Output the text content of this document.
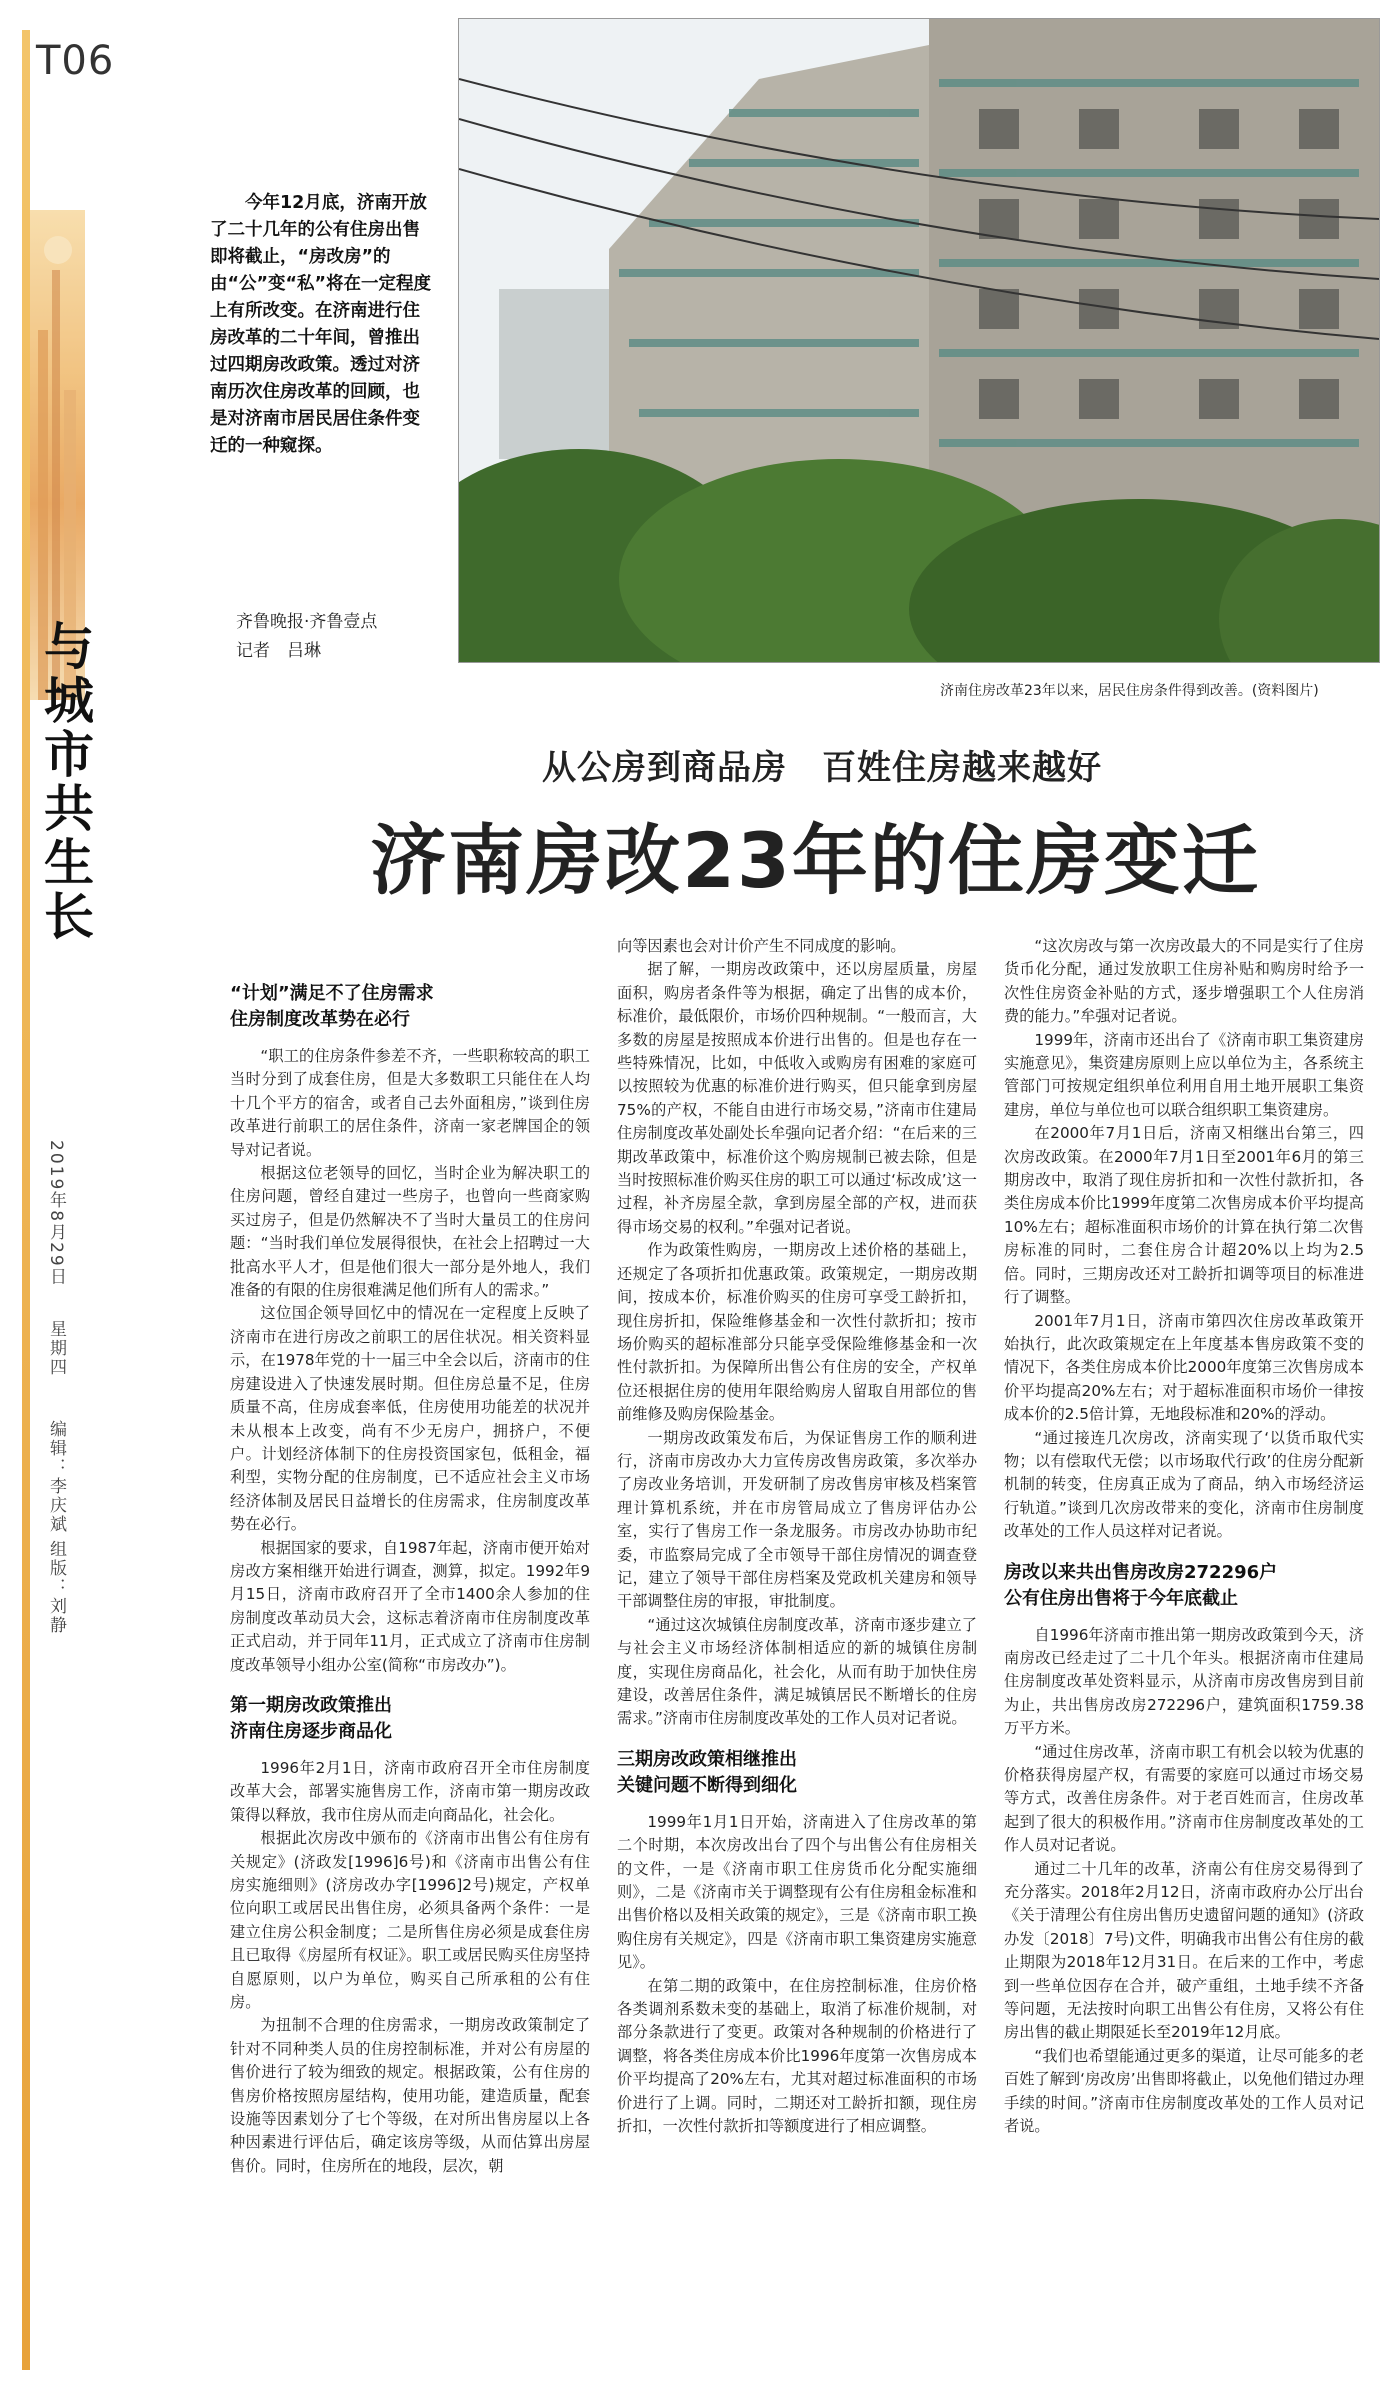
T06
与城市共生长
2019年8月29日
星期四
编辑：李庆斌
组版：刘静
今年12月底，济南开放了二十几年的公有住房出售即将截止，“房改房”的由“公”变“私”将在一定程度上有所改变。在济南进行住房改革的二十年间，曾推出过四期房改政策。透过对济南历次住房改革的回顾，也是对济南市居民居住条件变迁的一种窥探。
齐鲁晚报·齐鲁壹点
记者　吕琳
济南住房改革23年以来，居民住房条件得到改善。(资料图片)
从公房到商品房　百姓住房越来越好
济南房改23年的住房变迁
“计划”满足不了住房需求
住房制度改革势在必行

“职工的住房条件参差不齐，一些职称较高的职工当时分到了成套住房，但是大多数职工只能住在人均十几个平方的宿舍，或者自己去外面租房，”谈到住房改革进行前职工的居住条件，济南一家老牌国企的领导对记者说。

根据这位老领导的回忆，当时企业为解决职工的住房问题，曾经自建过一些房子，也曾向一些商家购买过房子，但是仍然解决不了当时大量员工的住房问题：“当时我们单位发展得很快，在社会上招聘过一大批高水平人才，但是他们很大一部分是外地人，我们准备的有限的住房很难满足他们所有人的需求。”

这位国企领导回忆中的情况在一定程度上反映了济南市在进行房改之前职工的居住状况。相关资料显示，在1978年党的十一届三中全会以后，济南市的住房建设进入了快速发展时期。但住房总量不足，住房质量不高，住房成套率低，住房使用功能差的状况并未从根本上改变，尚有不少无房户，拥挤户，不便户。计划经济体制下的住房投资国家包，低租金，福利型，实物分配的住房制度，已不适应社会主义市场经济体制及居民日益增长的住房需求，住房制度改革势在必行。

根据国家的要求，自1987年起，济南市便开始对房改方案相继开始进行调查，测算，拟定。1992年9月15日，济南市政府召开了全市1400余人参加的住房制度改革动员大会，这标志着济南市住房制度改革正式启动，并于同年11月，正式成立了济南市住房制度改革领导小组办公室(简称“市房改办”)。

第一期房改政策推出
济南住房逐步商品化

1996年2月1日，济南市政府召开全市住房制度改革大会，部署实施售房工作，济南市第一期房改政策得以释放，我市住房从而走向商品化，社会化。

根据此次房改中颁布的《济南市出售公有住房有关规定》(济政发[1996]6号)和《济南市出售公有住房实施细则》(济房改办字[1996]2号)规定，产权单位向职工或居民出售住房，必须具备两个条件：一是建立住房公积金制度；二是所售住房必须是成套住房且已取得《房屋所有权证》。职工或居民购买住房坚持自愿原则，以户为单位，购买自己所承租的公有住房。

为扭制不合理的住房需求，一期房改政策制定了针对不同种类人员的住房控制标准，并对公有房屋的售价进行了较为细致的规定。根据政策，公有住房的售房价格按照房屋结构，使用功能，建造质量，配套设施等因素划分了七个等级，在对所出售房屋以上各种因素进行评估后，确定该房等级，从而估算出房屋售价。同时，住房所在的地段，层次，朝

向等因素也会对计价产生不同成度的影响。

据了解，一期房改政策中，还以房屋质量，房屋面积，购房者条件等为根据，确定了出售的成本价，标准价，最低限价，市场价四种规制。“一般而言，大多数的房屋是按照成本价进行出售的。但是也存在一些特殊情况，比如，中低收入或购房有困难的家庭可以按照较为优惠的标准价进行购买，但只能拿到房屋75%的产权，不能自由进行市场交易，”济南市住建局住房制度改革处副处长牟强向记者介绍：“在后来的三期改革政策中，标准价这个购房规制已被去除，但是当时按照标准价购买住房的职工可以通过‘标改成’这一过程，补齐房屋全款，拿到房屋全部的产权，进而获得市场交易的权利。”牟强对记者说。

作为政策性购房，一期房改上述价格的基础上，还规定了各项折扣优惠政策。政策规定，一期房改期间，按成本价，标准价购买的住房可享受工龄折扣，现住房折扣，保险维修基金和一次性付款折扣；按市场价购买的超标准部分只能享受保险维修基金和一次性付款折扣。为保障所出售公有住房的安全，产权单位还根据住房的使用年限给购房人留取自用部位的售前维修及购房保险基金。

一期房改政策发布后，为保证售房工作的顺利进行，济南市房改办大力宣传房改售房政策，多次举办了房改业务培训，开发研制了房改售房审核及档案管理计算机系统，并在市房管局成立了售房评估办公室，实行了售房工作一条龙服务。市房改办协助市纪委，市监察局完成了全市领导干部住房情况的调查登记，建立了领导干部住房档案及党政机关建房和领导干部调整住房的审报，审批制度。

“通过这次城镇住房制度改革，济南市逐步建立了与社会主义市场经济体制相适应的新的城镇住房制度，实现住房商品化，社会化，从而有助于加快住房建设，改善居住条件，满足城镇居民不断增长的住房需求。”济南市住房制度改革处的工作人员对记者说。

三期房改政策相继推出
关键问题不断得到细化

1999年1月1日开始，济南进入了住房改革的第二个时期，本次房改出台了四个与出售公有住房相关的文件，一是《济南市职工住房货币化分配实施细则》，二是《济南市关于调整现有公有住房租金标准和出售价格以及相关政策的规定》，三是《济南市职工换购住房有关规定》，四是《济南市职工集资建房实施意见》。

在第二期的政策中，在住房控制标准，住房价格各类调剂系数未变的基础上，取消了标准价规制，对部分条款进行了变更。政策对各种规制的价格进行了调整，将各类住房成本价比1996年度第一次售房成本价平均提高了20%左右，尤其对超过标准面积的市场价进行了上调。同时，二期还对工龄折扣额，现住房折扣，一次性付款折扣等额度进行了相应调整。

“这次房改与第一次房改最大的不同是实行了住房货币化分配，通过发放职工住房补贴和购房时给予一次性住房资金补贴的方式，逐步增强职工个人住房消费的能力。”牟强对记者说。

1999年，济南市还出台了《济南市职工集资建房实施意见》，集资建房原则上应以单位为主，各系统主管部门可按规定组织单位利用自用土地开展职工集资建房，单位与单位也可以联合组织职工集资建房。

在2000年7月1日后，济南又相继出台第三，四次房改政策。在2000年7月1日至2001年6月的第三期房改中，取消了现住房折扣和一次性付款折扣，各类住房成本价比1999年度第二次售房成本价平均提高10%左右；超标准面积市场价的计算在执行第二次售房标准的同时，二套住房合计超20%以上均为2.5倍。同时，三期房改还对工龄折扣调等项目的标准进行了调整。

2001年7月1日，济南市第四次住房改革政策开始执行，此次政策规定在上年度基本售房政策不变的情况下，各类住房成本价比2000年度第三次售房成本价平均提高20%左右；对于超标准面积市场价一律按成本价的2.5倍计算，无地段标准和20%的浮动。

“通过接连几次房改，济南实现了‘以货币取代实物；以有偿取代无偿；以市场取代行政’的住房分配新机制的转变，住房真正成为了商品，纳入市场经济运行轨道。”谈到几次房改带来的变化，济南市住房制度改革处的工作人员这样对记者说。

房改以来共出售房改房272296户
公有住房出售将于今年底截止

自1996年济南市推出第一期房改政策到今天，济南房改已经走过了二十几个年头。根据济南市住建局住房制度改革处资料显示，从济南市房改售房到目前为止，共出售房改房272296户，建筑面积1759.38万平方米。

“通过住房改革，济南市职工有机会以较为优惠的价格获得房屋产权，有需要的家庭可以通过市场交易等方式，改善住房条件。对于老百姓而言，住房改革起到了很大的积极作用。”济南市住房制度改革处的工作人员对记者说。

通过二十几年的改革，济南公有住房交易得到了充分落实。2018年2月12日，济南市政府办公厅出台《关于清理公有住房出售历史遗留问题的通知》(济政办发〔2018〕7号)文件，明确我市出售公有住房的截止期限为2018年12月31日。在后来的工作中，考虑到一些单位因存在合并，破产重组，土地手续不齐备等问题，无法按时向职工出售公有住房，又将公有住房出售的截止期限延长至2019年12月底。

“我们也希望能通过更多的渠道，让尽可能多的老百姓了解到‘房改房’出售即将截止，以免他们错过办理手续的时间。”济南市住房制度改革处的工作人员对记者说。
